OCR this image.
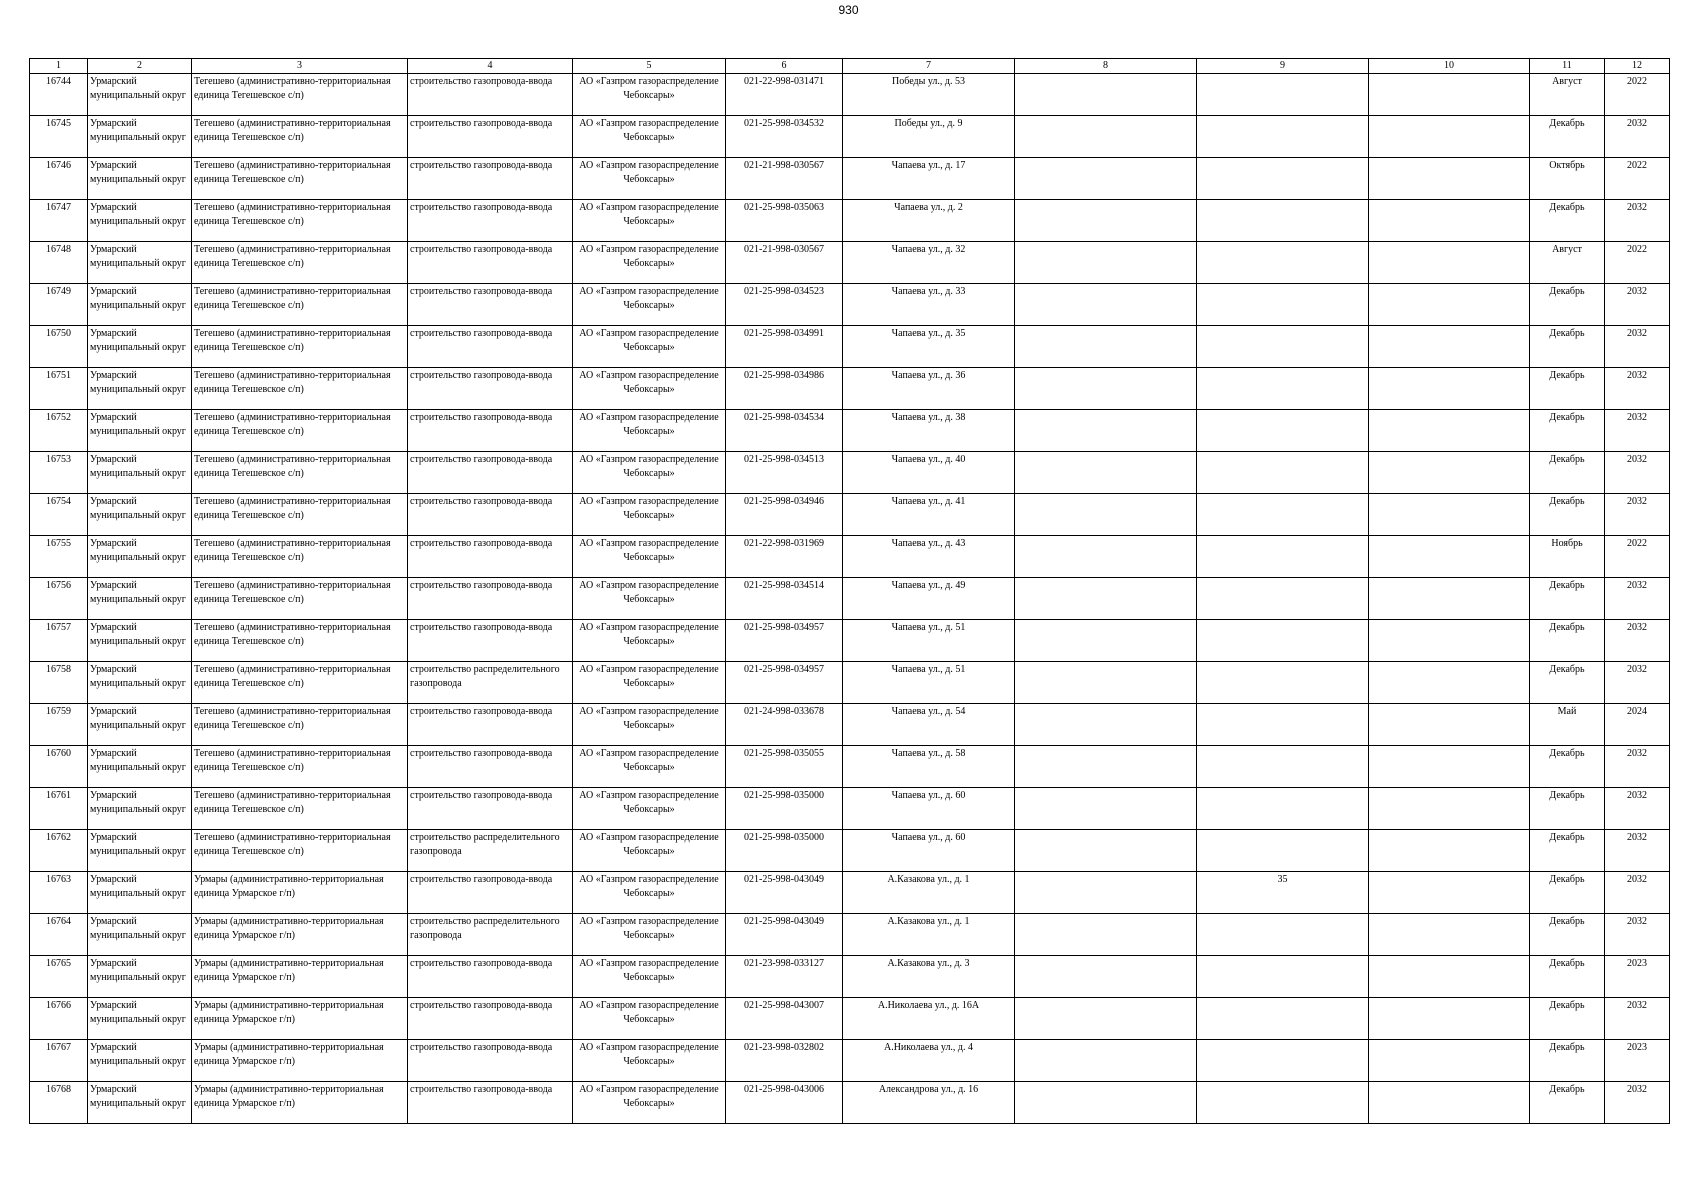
930
1	2	3	4	5	6	7	8	9	10	11	12

16744	Урмарский муниципальный округ	Тегешево (административно-территориальная единица Тегешевское с/п)	строительство газопровода-ввода	АО «Газпром газораспределение Чебоксары»	021-22-998-031471	Победы ул., д. 53				Август	2022

16745	Урмарский муниципальный округ	Тегешево (административно-территориальная единица Тегешевское с/п)	строительство газопровода-ввода	АО «Газпром газораспределение Чебоксары»	021-25-998-034532	Победы ул., д. 9				Декабрь	2032

16746	Урмарский муниципальный округ	Тегешево (административно-территориальная единица Тегешевское с/п)	строительство газопровода-ввода	АО «Газпром газораспределение Чебоксары»	021-21-998-030567	Чапаева ул., д. 17				Октябрь	2022

16747	Урмарский муниципальный округ	Тегешево (административно-территориальная единица Тегешевское с/п)	строительство газопровода-ввода	АО «Газпром газораспределение Чебоксары»	021-25-998-035063	Чапаева ул., д. 2				Декабрь	2032

16748	Урмарский муниципальный округ	Тегешево (административно-территориальная единица Тегешевское с/п)	строительство газопровода-ввода	АО «Газпром газораспределение Чебоксары»	021-21-998-030567	Чапаева ул., д. 32				Август	2022

16749	Урмарский муниципальный округ	Тегешево (административно-территориальная единица Тегешевское с/п)	строительство газопровода-ввода	АО «Газпром газораспределение Чебоксары»	021-25-998-034523	Чапаева ул., д. 33				Декабрь	2032

16750	Урмарский муниципальный округ	Тегешево (административно-территориальная единица Тегешевское с/п)	строительство газопровода-ввода	АО «Газпром газораспределение Чебоксары»	021-25-998-034991	Чапаева ул., д. 35				Декабрь	2032

16751	Урмарский муниципальный округ	Тегешево (административно-территориальная единица Тегешевское с/п)	строительство газопровода-ввода	АО «Газпром газораспределение Чебоксары»	021-25-998-034986	Чапаева ул., д. 36				Декабрь	2032

16752	Урмарский муниципальный округ	Тегешево (административно-территориальная единица Тегешевское с/п)	строительство газопровода-ввода	АО «Газпром газораспределение Чебоксары»	021-25-998-034534	Чапаева ул., д. 38				Декабрь	2032

16753	Урмарский муниципальный округ	Тегешево (административно-территориальная единица Тегешевское с/п)	строительство газопровода-ввода	АО «Газпром газораспределение Чебоксары»	021-25-998-034513	Чапаева ул., д. 40				Декабрь	2032

16754	Урмарский муниципальный округ	Тегешево (административно-территориальная единица Тегешевское с/п)	строительство газопровода-ввода	АО «Газпром газораспределение Чебоксары»	021-25-998-034946	Чапаева ул., д. 41				Декабрь	2032

16755	Урмарский муниципальный округ	Тегешево (административно-территориальная единица Тегешевское с/п)	строительство газопровода-ввода	АО «Газпром газораспределение Чебоксары»	021-22-998-031969	Чапаева ул., д. 43				Ноябрь	2022

16756	Урмарский муниципальный округ	Тегешево (административно-территориальная единица Тегешевское с/п)	строительство газопровода-ввода	АО «Газпром газораспределение Чебоксары»	021-25-998-034514	Чапаева ул., д. 49				Декабрь	2032

16757	Урмарский муниципальный округ	Тегешево (административно-территориальная единица Тегешевское с/п)	строительство газопровода-ввода	АО «Газпром газораспределение Чебоксары»	021-25-998-034957	Чапаева ул., д. 51				Декабрь	2032

16758	Урмарский муниципальный округ	Тегешево (административно-территориальная единица Тегешевское с/п)	строительство распределительного газопровода	АО «Газпром газораспределение Чебоксары»	021-25-998-034957	Чапаева ул., д. 51				Декабрь	2032

16759	Урмарский муниципальный округ	Тегешево (административно-территориальная единица Тегешевское с/п)	строительство газопровода-ввода	АО «Газпром газораспределение Чебоксары»	021-24-998-033678	Чапаева ул., д. 54				Май	2024

16760	Урмарский муниципальный округ	Тегешево (административно-территориальная единица Тегешевское с/п)	строительство газопровода-ввода	АО «Газпром газораспределение Чебоксары»	021-25-998-035055	Чапаева ул., д. 58				Декабрь	2032

16761	Урмарский муниципальный округ	Тегешево (административно-территориальная единица Тегешевское с/п)	строительство газопровода-ввода	АО «Газпром газораспределение Чебоксары»	021-25-998-035000	Чапаева ул., д. 60				Декабрь	2032

16762	Урмарский муниципальный округ	Тегешево (административно-территориальная единица Тегешевское с/п)	строительство распределительного газопровода	АО «Газпром газораспределение Чебоксары»	021-25-998-035000	Чапаева ул., д. 60				Декабрь	2032

16763	Урмарский муниципальный округ	Урмары (административно-территориальная единица Урмарское г/п)	строительство газопровода-ввода	АО «Газпром газораспределение Чебоксары»	021-25-998-043049	А.Казакова ул., д. 1		35		Декабрь	2032

16764	Урмарский муниципальный округ	Урмары (административно-территориальная единица Урмарское г/п)	строительство распределительного газопровода	АО «Газпром газораспределение Чебоксары»	021-25-998-043049	А.Казакова ул., д. 1				Декабрь	2032

16765	Урмарский муниципальный округ	Урмары (административно-территориальная единица Урмарское г/п)	строительство газопровода-ввода	АО «Газпром газораспределение Чебоксары»	021-23-998-033127	А.Казакова ул., д. 3				Декабрь	2023

16766	Урмарский муниципальный округ	Урмары (административно-территориальная единица Урмарское г/п)	строительство газопровода-ввода	АО «Газпром газораспределение Чебоксары»	021-25-998-043007	А.Николаева ул., д. 16А				Декабрь	2032

16767	Урмарский муниципальный округ	Урмары (административно-территориальная единица Урмарское г/п)	строительство газопровода-ввода	АО «Газпром газораспределение Чебоксары»	021-23-998-032802	А.Николаева ул., д. 4				Декабрь	2023

16768	Урмарский муниципальный округ	Урмары (административно-территориальная единица Урмарское г/п)	строительство газопровода-ввода	АО «Газпром газораспределение Чебоксары»	021-25-998-043006	Александрова ул., д. 16				Декабрь	2032
